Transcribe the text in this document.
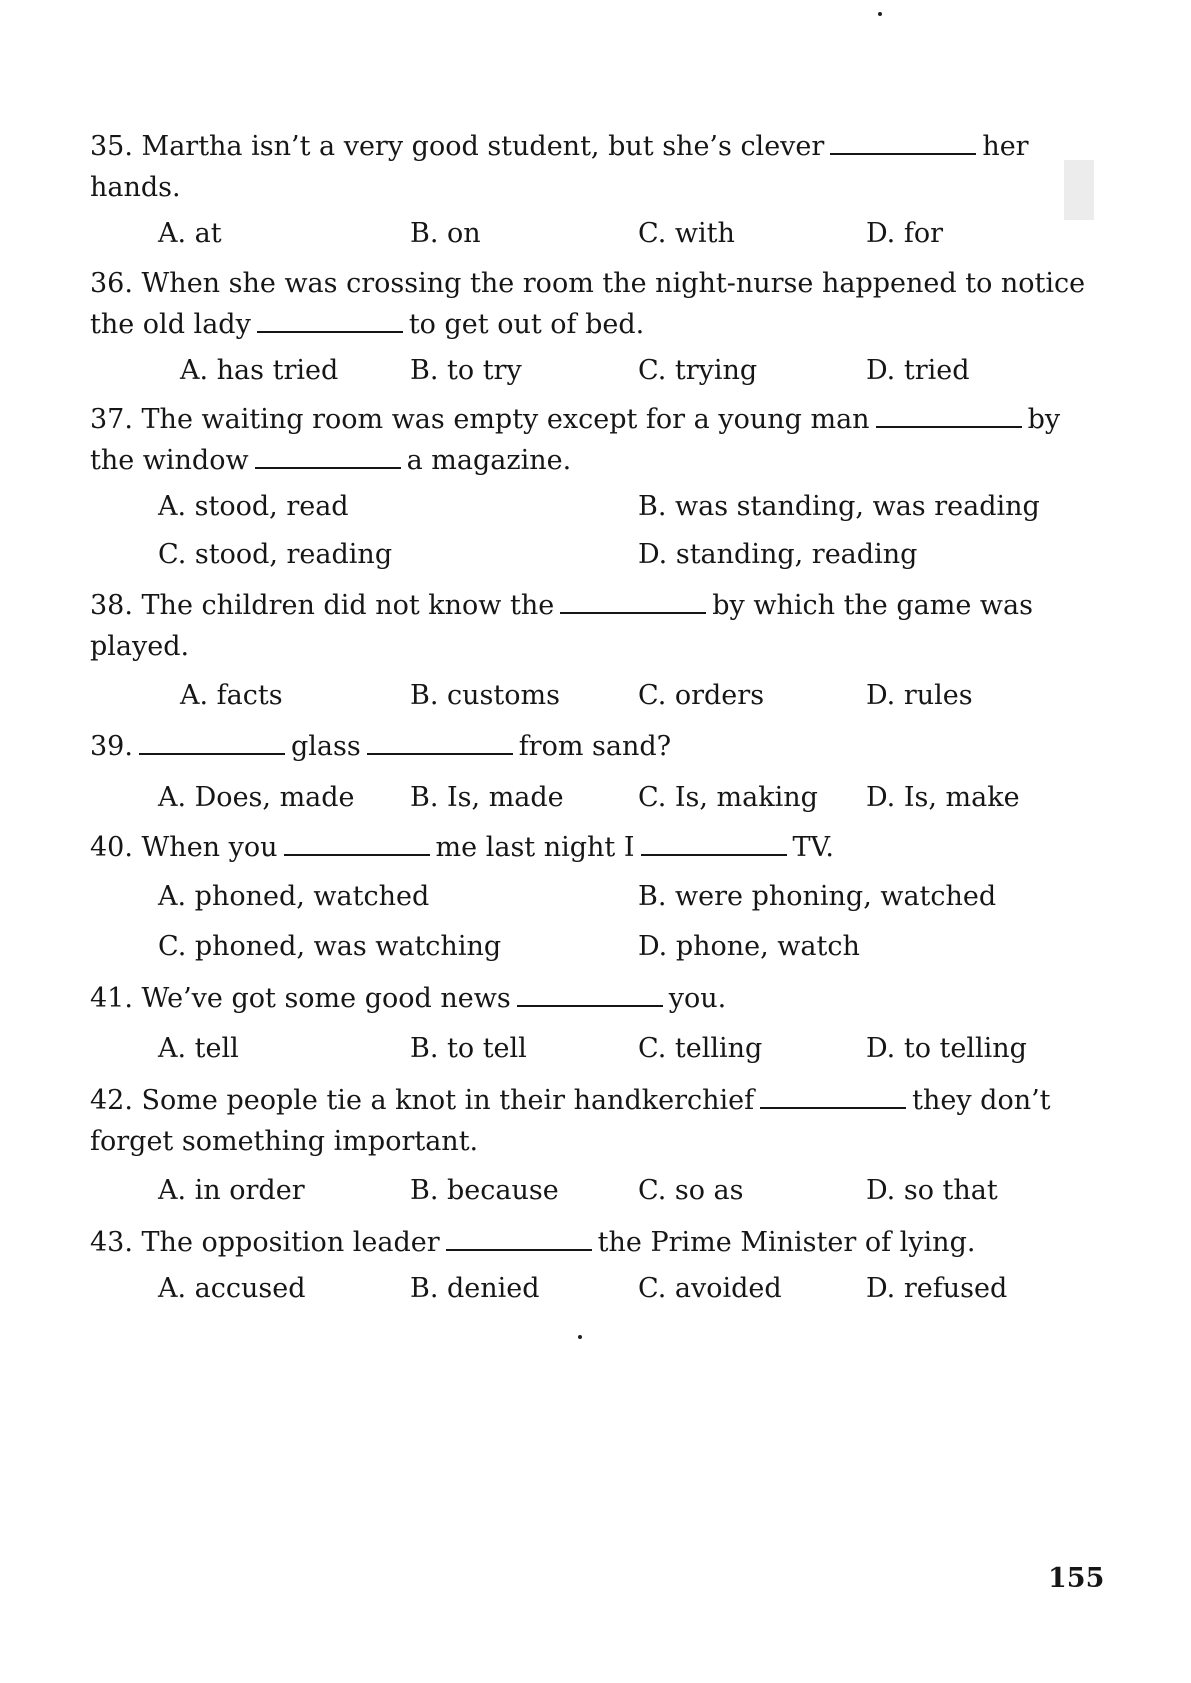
35. Martha isn’t a very good student, but she’s clever	her hands.

A. at	B. on	C. with	D. for

36. When she was crossing the room the night-nurse happened to notice the old lady	to get out of bed.

A. has tried	B. to try	C. trying	D. tried

37. The waiting room was empty except for a young man	by the window	a magazine.

A. stood, read	B. was standing, was reading
C. stood, reading	D. standing, reading

38. The children did not know the	by which the game was played.

A. facts	B. customs	C. orders	D. rules

39.	glass	from sand?

A. Does, made B. Is, made	C. Is, making D. Is, make

40. When you	me last night I	TV.

A. phoned, watched	B. were phoning, watched
C. phoned, was watching	D. phone, watch

41. We’ve got some good news	you.

A. tell	B. to tell	C. telling	D. to telling

42. Some people tie a knot in their handkerchief	they don’t forget something important.

A. in order	B. because	C. so as	D. so that

43. The opposition leader	the Prime Minister of lying.

A. accused	B. denied	C. avoided	D. refused
155
